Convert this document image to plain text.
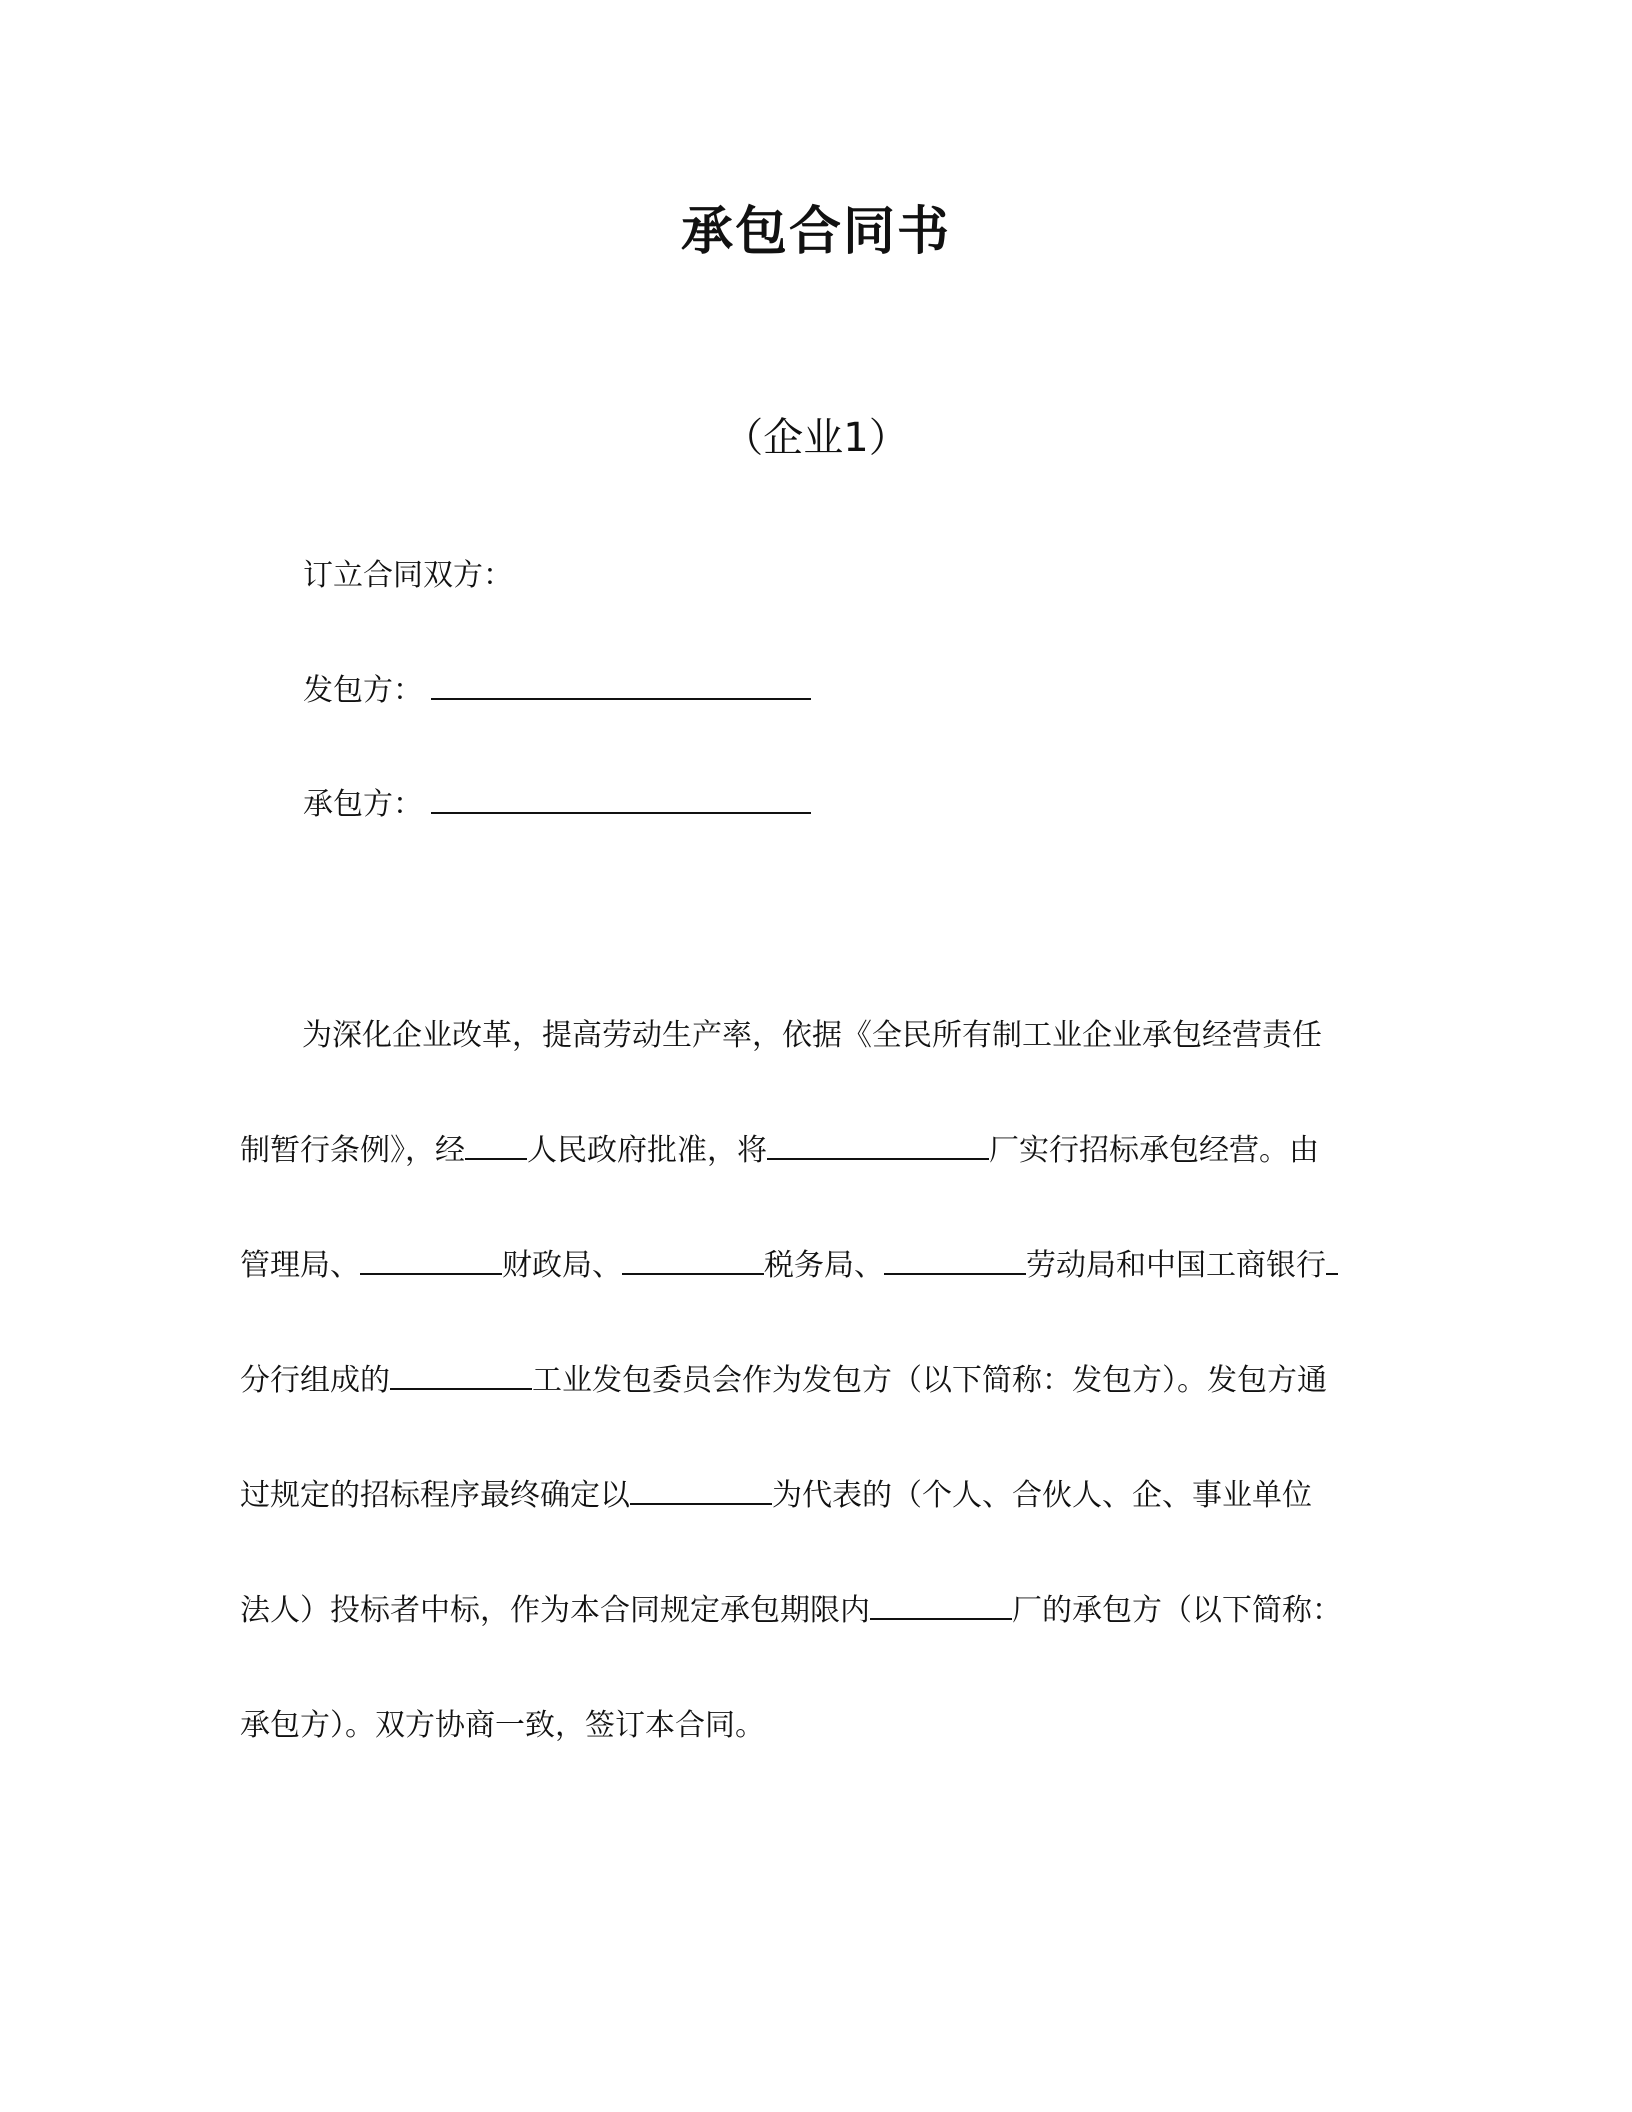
承包合同书
（企业1）
订立合同双方：
发包方：
承包方：
为深化企业改革，提高劳动生产率，依据《全民所有制工业企业承包经营责任
制暂行条例》，经 人民政府批准，将	厂实行招标承包经营。由
管理局、	财政局、	税务局、	劳动局和中国工商银行
分行组成的	工业发包委员会作为发包方（以下简称：发包方）。发包方通
过规定的招标程序最终确定以	为代表的（个人、合伙人、企、事业单位
法人）投标者中标，作为本合同规定承包期限内	厂的承包方（以下简称：
承包方）。双方协商一致，签订本合同。
